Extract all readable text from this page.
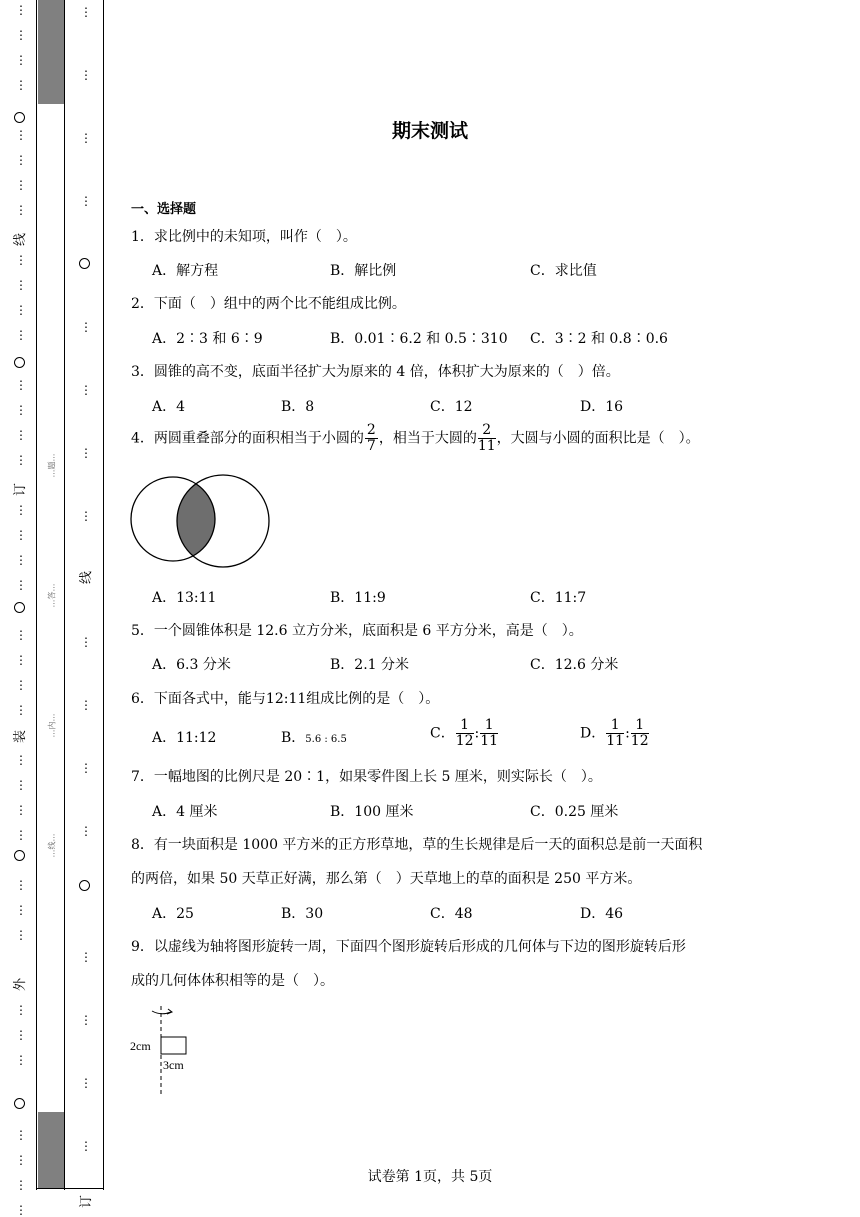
线
订
装
外
⋮
⋮
⋮
⋮
⋮
⋮
⋮
⋮
⋮
⋮
⋮
⋮
⋮
⋮
⋮
⋮
⋮
⋮
⋮
⋮
⋮
⋮
⋮
⋮
⋮
⋮
⋮
⋮
⋮
⋮
⋮
⋮
⋮
⋮
⋮
⋮
⋮
⋮
线
订
⋮
⋮
⋮
⋮
⋮
⋮
⋮
⋮
⋮
⋮
⋮
⋮
⋮
⋮
⋮
⋮
…题…
…答…
…内…
…线…
期末测试
一、选择题
1．求比例中的未知项，叫作（　）。
A．解方程	B．解比例	C．求比值
2．下面（　）组中的两个比不能组成比例。
A．2∶3 和 6∶9	B．0.01∶6.2 和 0.5∶310 C．3∶2 和 0.8∶0.6
3．圆锥的高不变，底面半径扩大为原来的 4 倍，体积扩大为原来的（　）倍。
A．4	B．8	C．12	D．16
4．两圆重叠部分的面积相当于小圆的 $\frac{2}{7}$ ，相当于大圆的 $\frac{2}{11}$ ，大圆与小圆的面积比是（　）。
A．13:11	B．11:9	C．11:7
5．一个圆锥体积是 12.6 立方分米，底面积是 6 平方分米，高是（　）。
A．6.3 分米	B．2.1 分米	C．12.6 分米
6．下面各式中，能与12:11组成比例的是（　）。
A．11:12	B．5.6 : 6.5	C． $\frac{1}{12}$ : $\frac{1}{11}$	D． $\frac{1}{11}$ : $\frac{1}{12}$
7．一幅地图的比例尺是 20∶1，如果零件图上长 5 厘米，则实际长（　）。
A．4 厘米	B．100 厘米	C．0.25 厘米
8．有一块面积是 1000 平方米的正方形草地，草的生长规律是后一天的面积总是前一天面积
的两倍，如果 50 天草正好满，那么第（　）天草地上的草的面积是 250 平方米。
A．25	B．30	C．48	D．46
9．以虚线为轴将图形旋转一周，下面四个图形旋转后形成的几何体与下边的图形旋转后形
成的几何体体积相等的是（　）。
2cm
3cm
试卷第 1页，共 5页
